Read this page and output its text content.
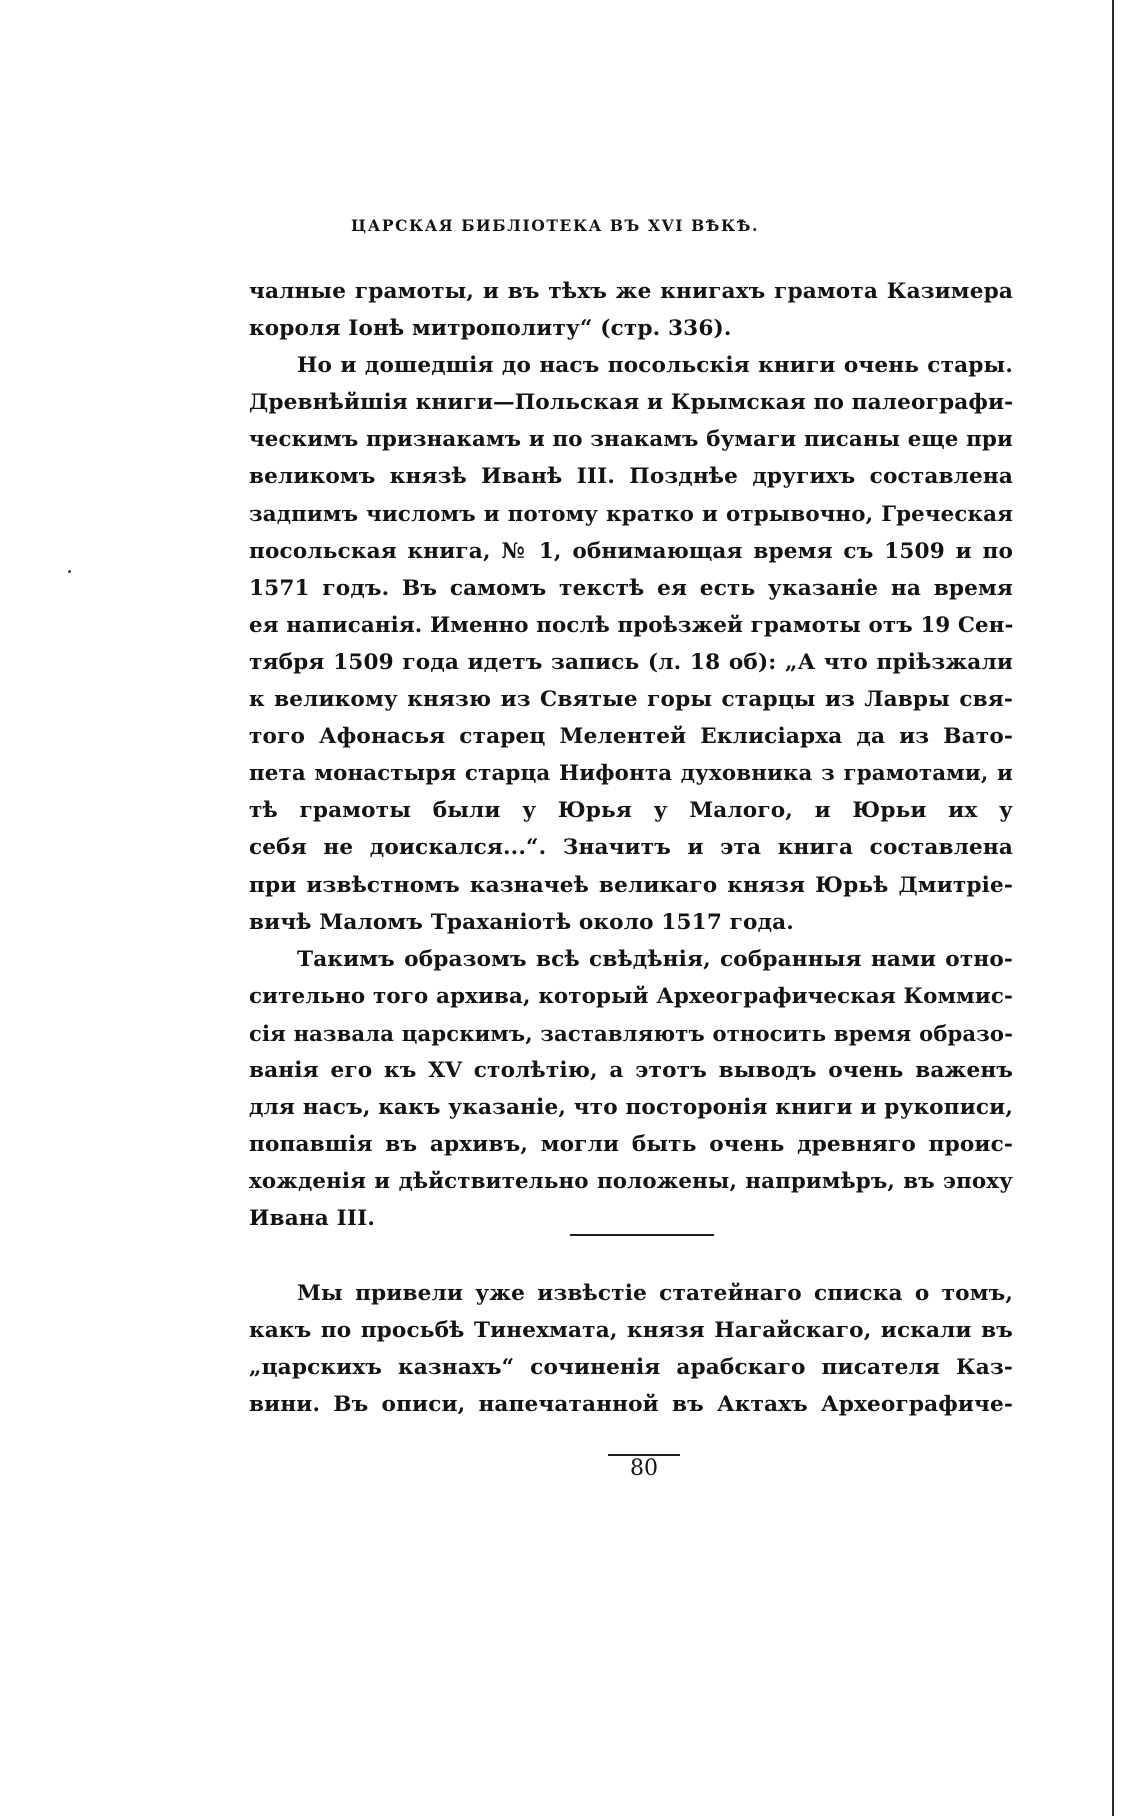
ЦАРСКАЯ БИБЛІОТЕКА ВЪ XVI ВѢКѢ.

чалные грамоты, и въ тѣхъ же книгахъ грамота Казимера
короля Іонѣ митрополиту“ (стр. 336).
Но и дошедшія до насъ посольскія книги очень стары.
Древнѣйшія книги—Польская и Крымская по палеографи-
ческимъ признакамъ и по знакамъ бумаги писаны еще при
великомъ князѣ Иванѣ III. Позднѣе другихъ составлена
задпимъ числомъ и потому кратко и отрывочно, Греческая
посольская книга, № 1, обнимающая время съ 1509 и по
1571 годъ. Въ самомъ текстѣ ея есть указаніе на время
ея написанія. Именно послѣ проѣзжей грамоты отъ 19 Сен-
тября 1509 года идетъ запись (л. 18 об): „А что пріѣзжали
к великому князю из Святые горы старцы из Лавры свя-
того Афонасья старец Мелентей Еклисіарха да из Ватo-
пета монастыря старца Нифонта духовника з грамотами, и
тѣ грамоты были у Юрья у Малого, и Юрьи их у
себя не доискался...“. Значитъ и эта книга составлена
при извѣстномъ казначеѣ великаго князя Юрьѣ Дмитріе-
вичѣ Маломъ Траханіотѣ около 1517 года.
Такимъ образомъ всѣ свѣдѣнія, собранныя нами отно-
сительно того архива, который Археографическая Коммис-
сія назвала царскимъ, заставляютъ относить время образо-
ванія его къ XV столѣтію, а этотъ выводъ очень важенъ
для насъ, какъ указаніе, что посторонія книги и рукописи,
попавшія въ архивъ, могли быть очень древняго проис-
хожденія и дѣйствительно положены, напримѣръ, въ эпоху
Ивана III.
Мы привели уже извѣстіе статейнаго списка о томъ,
какъ по просьбѣ Тинехмата, князя Нагайскаго, искали въ
„царскихъ казнахъ“ сочиненія арабскаго писателя Каз-
вини. Въ описи, напечатанной въ Актахъ Археографиче-

80
